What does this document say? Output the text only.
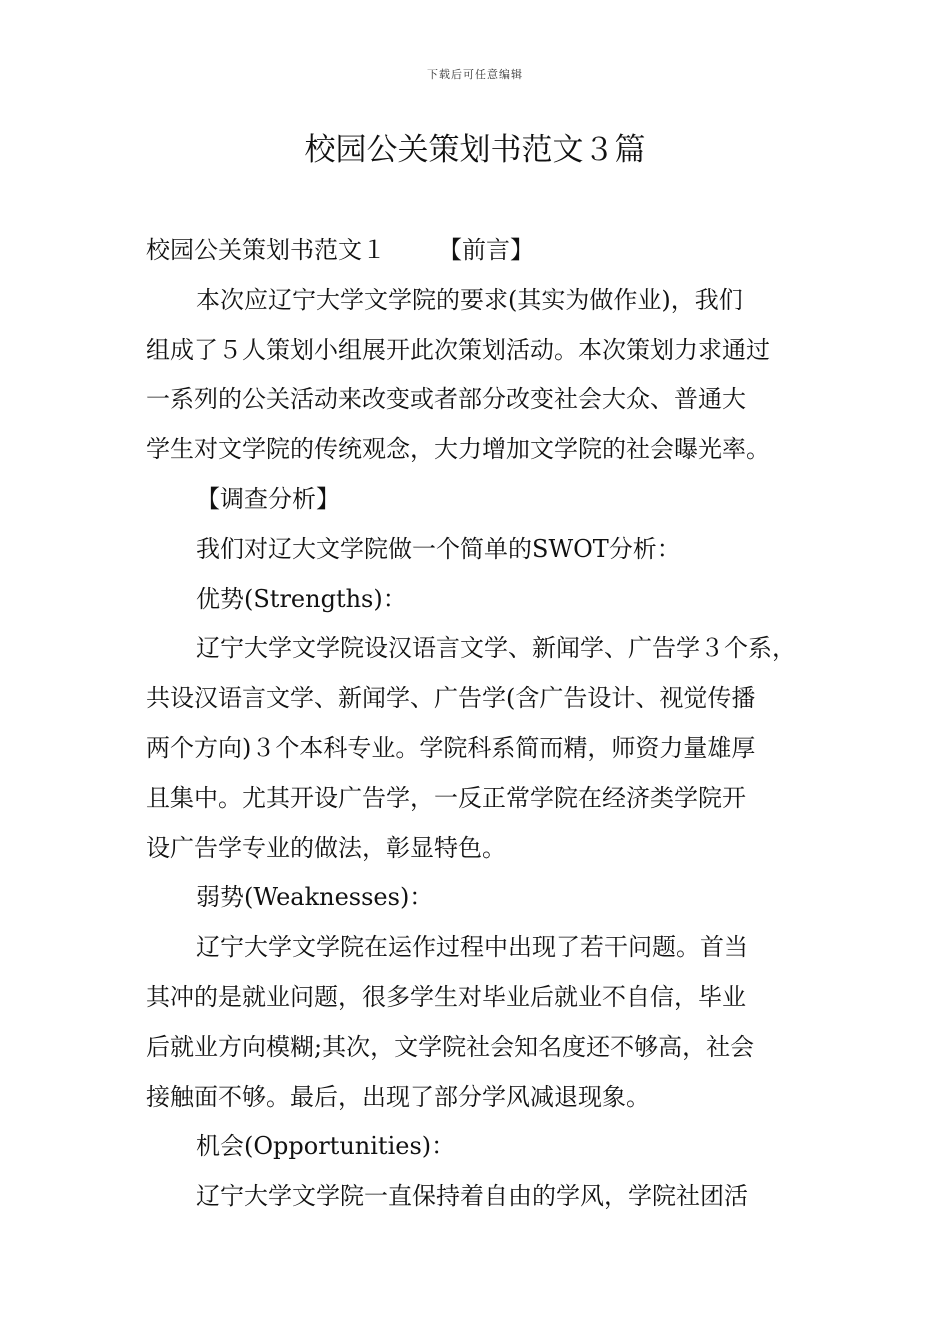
下载后可任意编辑
校园公关策划书范文３篇
校园公关策划书范文１ 【前言】
本次应辽宁大学文学院的要求(其实为做作业)，我们
组成了５人策划小组展开此次策划活动。本次策划力求通过
一系列的公关活动来改变或者部分改变社会大众、普通大
学生对文学院的传统观念，大力增加文学院的社会曝光率。
【调查分析】
我们对辽大文学院做一个简单的SWOT分析：
优势(Strengths)：
辽宁大学文学院设汉语言文学、新闻学、广告学３个系，
共设汉语言文学、新闻学、广告学(含广告设计、视觉传播
两个方向)３个本科专业。学院科系简而精，师资力量雄厚
且集中。尤其开设广告学，一反正常学院在经济类学院开
设广告学专业的做法，彰显特色。
弱势(Weaknesses)：
辽宁大学文学院在运作过程中出现了若干问题。首当
其冲的是就业问题，很多学生对毕业后就业不自信，毕业
后就业方向模糊;其次，文学院社会知名度还不够高，社会
接触面不够。最后，出现了部分学风减退现象。
机会(Opportunities)：
辽宁大学文学院一直保持着自由的学风，学院社团活
